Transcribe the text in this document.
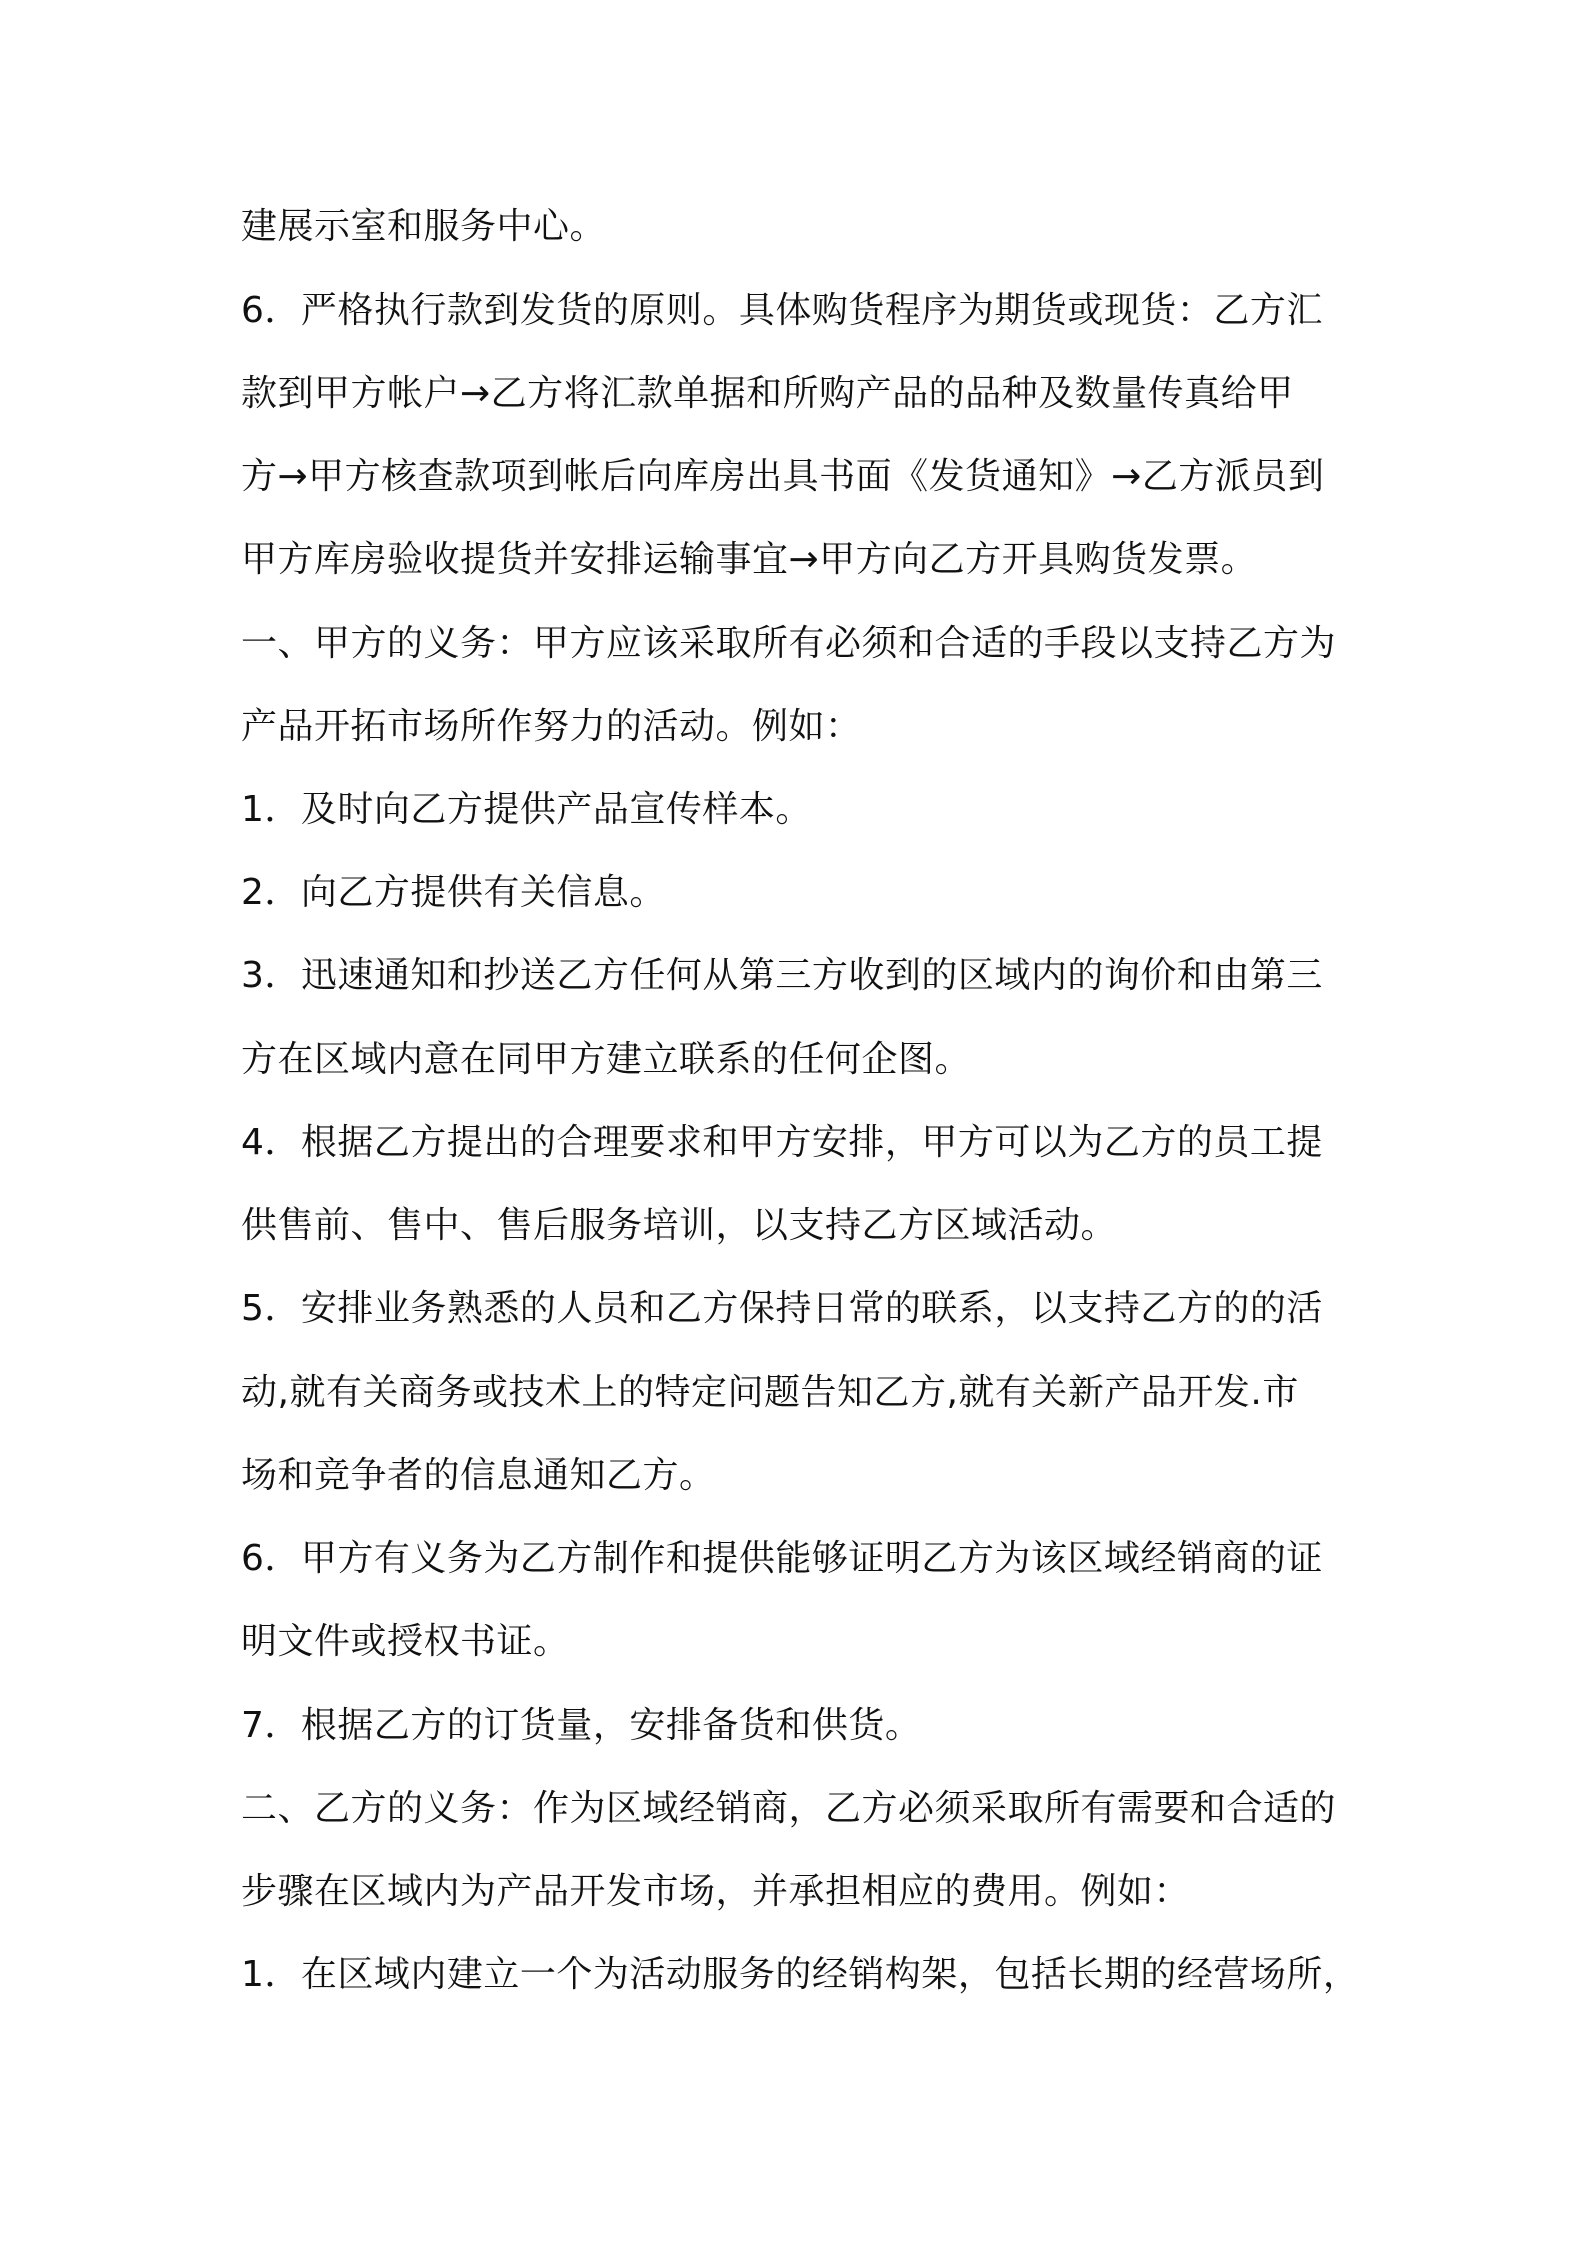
建展示室和服务中心。
6．严格执行款到发货的原则。具体购货程序为期货或现货：乙方汇
款到甲方帐户→乙方将汇款单据和所购产品的品种及数量传真给甲
方→甲方核查款项到帐后向库房出具书面《发货通知》→乙方派员到
甲方库房验收提货并安排运输事宜→甲方向乙方开具购货发票。
一、甲方的义务：甲方应该采取所有必须和合适的手段以支持乙方为
产品开拓市场所作努力的活动。例如：
1．及时向乙方提供产品宣传样本。
2．向乙方提供有关信息。
3．迅速通知和抄送乙方任何从第三方收到的区域内的询价和由第三
方在区域内意在同甲方建立联系的任何企图。
4．根据乙方提出的合理要求和甲方安排，甲方可以为乙方的员工提
供售前、售中、售后服务培训，以支持乙方区域活动。
5．安排业务熟悉的人员和乙方保持日常的联系，以支持乙方的的活
动,就有关商务或技术上的特定问题告知乙方,就有关新产品开发.市
场和竞争者的信息通知乙方。
6．甲方有义务为乙方制作和提供能够证明乙方为该区域经销商的证
明文件或授权书证。
7．根据乙方的订货量，安排备货和供货。
二、乙方的义务：作为区域经销商，乙方必须采取所有需要和合适的
步骤在区域内为产品开发市场，并承担相应的费用。例如：
1．在区域内建立一个为活动服务的经销构架，包括长期的经营场所，
